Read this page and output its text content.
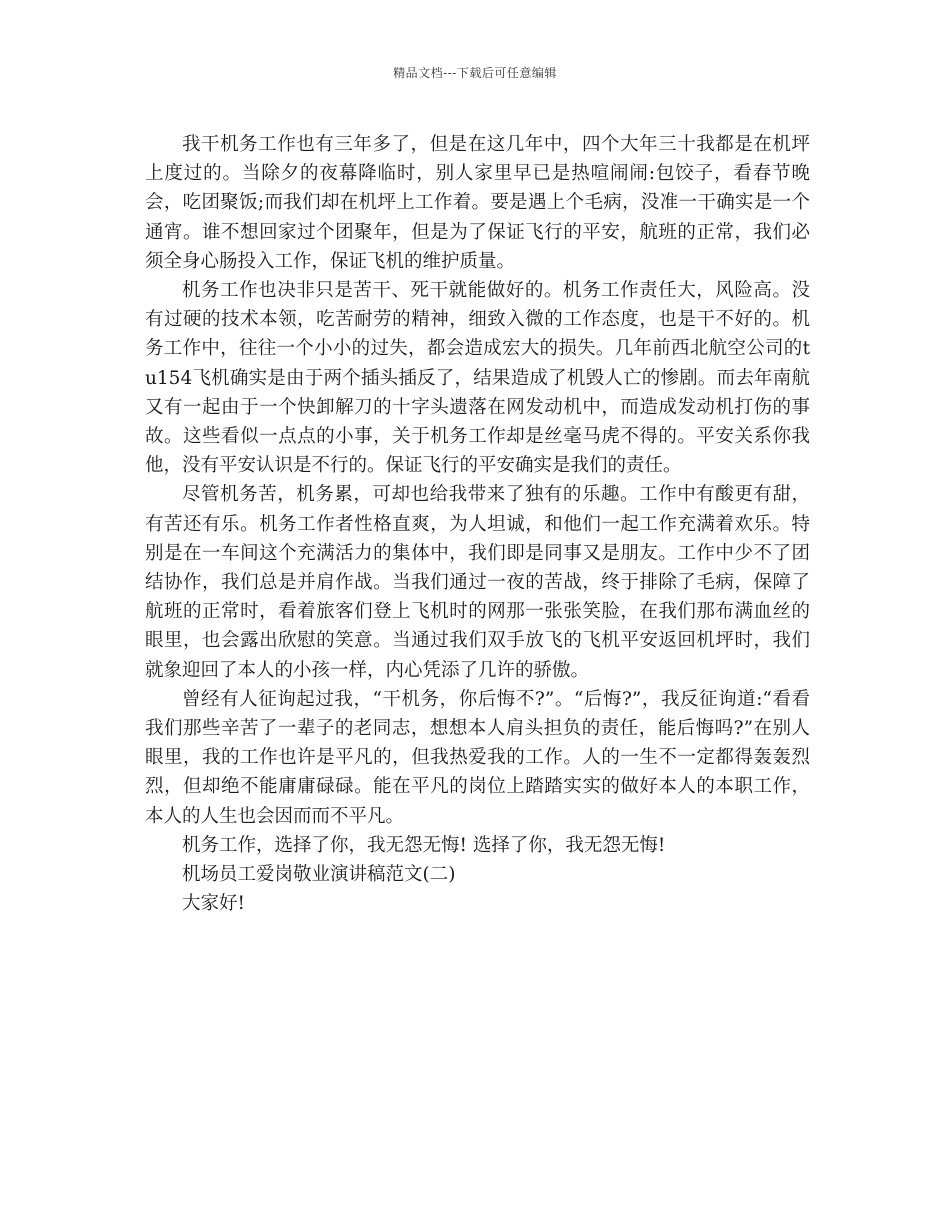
精品文档---下载后可任意编辑

我干机务工作也有三年多了，但是在这几年中，四个大年三十我都是在机坪上度过的。当除夕的夜幕降临时，别人家里早已是热喧闹闹:包饺子，看春节晚会，吃团聚饭;而我们却在机坪上工作着。要是遇上个毛病，没准一干确实是一个通宵。谁不想回家过个团聚年，但是为了保证飞行的平安，航班的正常，我们必须全身心肠投入工作，保证飞机的维护质量。

机务工作也决非只是苦干、死干就能做好的。机务工作责任大，风险高。没有过硬的技术本领，吃苦耐劳的精神，细致入微的工作态度，也是干不好的。机务工作中，往往一个小小的过失，都会造成宏大的损失。几年前西北航空公司的tu154飞机确实是由于两个插头插反了，结果造成了机毁人亡的惨剧。而去年南航又有一起由于一个快卸解刀的十字头遗落在网发动机中，而造成发动机打伤的事故。这些看似一点点的小事，关于机务工作却是丝毫马虎不得的。平安关系你我他，没有平安认识是不行的。保证飞行的平安确实是我们的责任。

尽管机务苦，机务累，可却也给我带来了独有的乐趣。工作中有酸更有甜，有苦还有乐。机务工作者性格直爽，为人坦诚，和他们一起工作充满着欢乐。特别是在一车间这个充满活力的集体中，我们即是同事又是朋友。工作中少不了团结协作，我们总是并肩作战。当我们通过一夜的苦战，终于排除了毛病，保障了航班的正常时，看着旅客们登上飞机时的网那一张张笑脸，在我们那布满血丝的眼里，也会露出欣慰的笑意。当通过我们双手放飞的飞机平安返回机坪时，我们就象迎回了本人的小孩一样，内心凭添了几许的骄傲。

曾经有人征询起过我，“干机务，你后悔不?”。“后悔?”，我反征询道:“看看我们那些辛苦了一辈子的老同志，想想本人肩头担负的责任，能后悔吗?”在别人眼里，我的工作也许是平凡的，但我热爱我的工作。人的一生不一定都得轰轰烈烈，但却绝不能庸庸碌碌。能在平凡的岗位上踏踏实实的做好本人的本职工作，本人的人生也会因而而不平凡。

机务工作，选择了你，我无怨无悔! 选择了你，我无怨无悔!

机场员工爱岗敬业演讲稿范文(二)

大家好!
